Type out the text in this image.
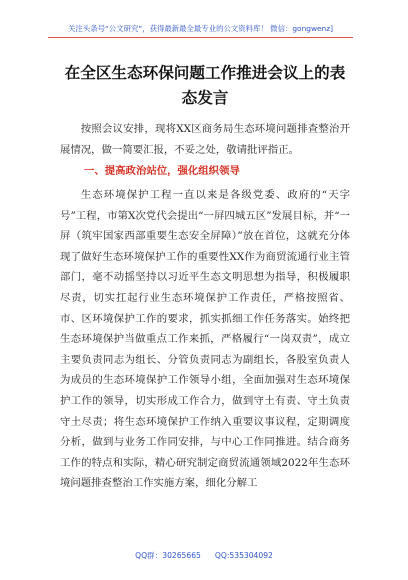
关注头条号“公文研究”，获得最新最全最专业的公文资料库！ 微信：gongwenz]
在全区生态环保问题工作推进会议上的表态发言

按照会议安排，现将XX区商务局生态环境问题排查整治开展情况，做一简要汇报，不妥之处，敬请批评指正。

一、提高政治站位，强化组织领导

生态环境保护工程一直以来是各级党委、政府的“天字号”工程，市第X次党代会提出“一屏四城五区”发展目标，并“一屏（筑牢国家西部重要生态安全屏障）”放在首位，这就充分体现了做好生态环境保护工作的重要性XX作为商贸流通行业主管部门，毫不动摇坚持以习近平生态文明思想为指导，积极履职尽责，切实扛起行业生态环境保护工作责任，严格按照省、市、区环境保护工作的要求，抓实抓细工作任务落实。始终把生态环境保护当做重点工作来抓，严格履行“一岗双责”，成立主要负责同志为组长、分管负责同志为副组长，各股室负责人为成员的生态环境保护工作领导小组，全面加强对生态环境保护工作的领导，切实形成工作合力，做到守土有责、守土负责守土尽责；将生态环境保护工作纳入重要议事议程，定期调度分析，做到与业务工作同安排，与中心工作同推进。结合商务工作的特点和实际，精心研究制定商贸流通领域2022年生态环境问题排查整治工作实施方案，细化分解工

QQ群：30265665 QQ:535304092
